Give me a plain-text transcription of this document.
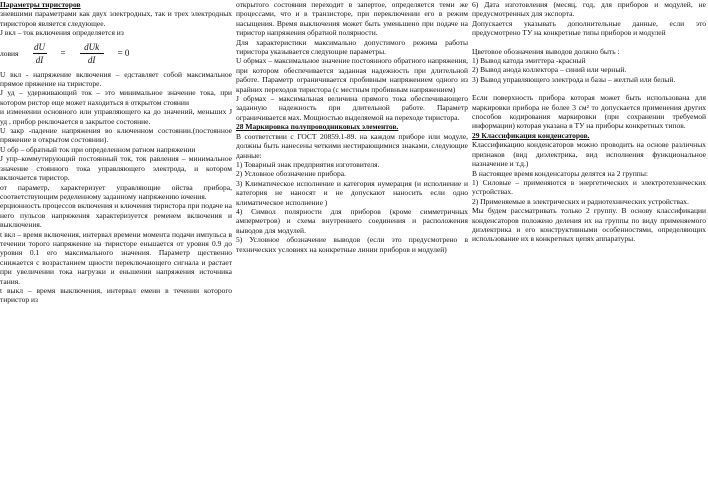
Параметры тиристоров

зневшими параметрами как двух электродных, так и трех электродных тиристоров является следующее.

J вкл – ток включения определяется из

ловия $\frac{dU}{dI} = \frac{\text{dUk}}{dI} = 0$

U вкл - напряжение включения – едставляет собой максимальное прямое пряжение на тиристоре.

J уд – удерживающий ток – это минимальное значение тока, при котором ристор еще может находиться в открытом стоянии

и изменении основного или управляющего ка до значений, меньших J уд , прибор реключается в закрытое состояние.

U закр -падение напряжения во ключенном состоянии.(постоянное пряжение в открытом состоянии).

U обр – обратный ток при определенном ратном напряжении

J упр–коммутирующий постоянный ток, ток равления – минимальное значение стоянного тока управляющего электрода, и котором включается тиристор.

от параметр, характеризует управляющие ойства прибора, соответствующим ределенному заданному напряжению ючения.

ерционность процессов включения и ключения тиристора при подаче на него пульсов напряжения характеризуется ременем включения и выключения.

t вкл – время включения, интервал времени момента подачи импульса в течении торого напряжение на тиристоре еньшается от уровня 0.9 до уровня 0.1 его максимального значения. Параметр щественно снижается с возрастанием щности переключающего сигнала и растает при увеличении тока нагрузки и еньшении напряжения источника тания.

t выкл – время выключения, интервал емени в течении которого тиристор из

открытого состояния переходит в запертое, определяется теми же процессами, что и в транзисторе, при переключении его в режим насыщения. Время выключения может быть уменьшено при подаче на тиристор напряжения обратной полярности.

Для характеристики максимально допустимого режима работы тиристора указывается следующие параметры.

U обрмах – максимальное значение постоянного обратного напряжения, при котором обеспечивается заданная надежность при длительной работе. Параметр ограничивается пробивным напряжением одного из крайних переходов тиристора (с местным пробивным напряжением)

J обрмах – максимальная величина прямого тока обеспечивающего заданную надежность при длительной работе. Параметр ограничивается мах. Мощностью выделяемой на переходе тиристора.

28 Маркировка полупроводниковых элементов.

В соответствии с ГОСТ 20859.1-89. на каждом приборе или модуле, должны быть нанесены четкими нестирающимися знаками, следующие данные:

1) Товарный знак предприятия изготовителя.

2) Условное обозначение прибора.

3) Климатическое исполнение и категория нумерация (и исполнение и категория не наносят и не допускают наносить если одно климатическое исполнение )

4) Символ полярности для приборов (кроме симметричных амперметров) и схема внутреннего соединения и расположения выводов для модулей.

5) Условное обозначение выводов (если это предусмотрено в технических условиях на конкретные линии приборов и модулей)

6) Дата изготовления (месяц, год, для приборов и модулей, не предусмотренных для экспорта.

Допускается указывать дополнительные данные, если это предусмотрено ТУ на конкретные типы приборов и модулей

Цветовое обозначения выводов должно быть :

1) Вывод катода эмиттера -красный

2) Вывод анода коллектора – синий или черный.

3) Вывод управляющего электрода и базы – желтый или белый.

Если поверхность прибора которая может быть использована для маркировки прибора не более 3 см² то допускается применения других способов кодирования маркировки (при сохранении требуемой информации) которая указана в ТУ на приборы конкретных типов.

29 Классификация конденсаторов.

Классификацию конденсаторов можно проводить на основе различных признаков (вид диэлектрика, вид исполнения функциональное назначение и т.д.)

В настоящее время конденсаторы делятся на 2 группы:

1) Силовые – применяются в энергетических и электротехнических устройствах.

2) Применяемые в электрических и радиотехнических устройствах.

Мы будем рассматривать только 2 группу. В основу классификации конденсаторов положено деления их на группы по виду применяемого диэлектрика и его конструктивными особенностями, определяющих использование их в конкретных цепях аппаратуры.
